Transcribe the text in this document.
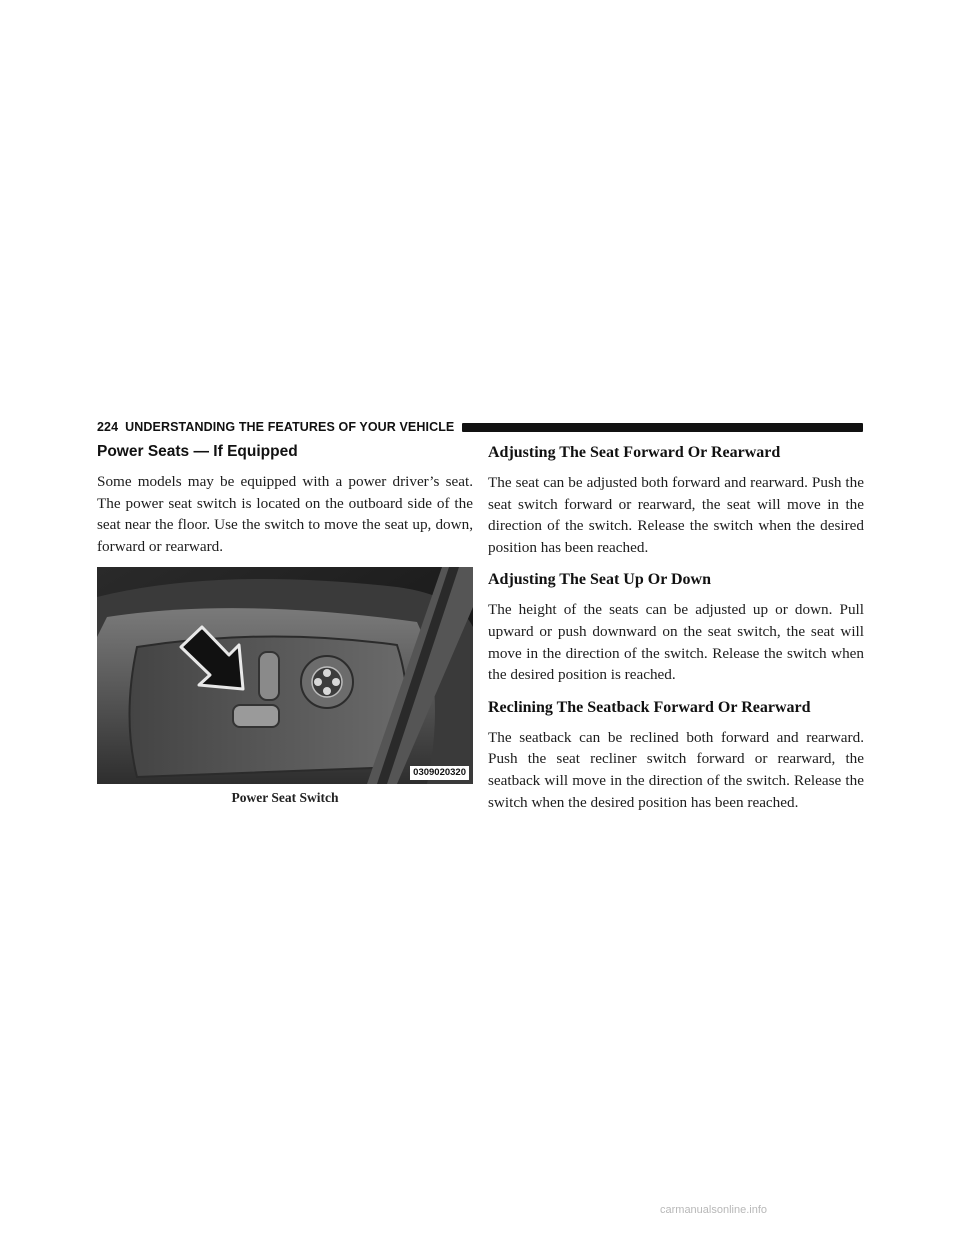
224 UNDERSTANDING THE FEATURES OF YOUR VEHICLE
Power Seats — If Equipped

Some models may be equipped with a power driver’s seat. The power seat switch is located on the outboard side of the seat near the floor. Use the switch to move the seat up, down, forward or rearward.

0309020320
Power Seat Switch
Adjusting The Seat Forward Or Rearward

The seat can be adjusted both forward and rearward. Push the seat switch forward or rearward, the seat will move in the direction of the switch. Release the switch when the desired position has been reached.

Adjusting The Seat Up Or Down

The height of the seats can be adjusted up or down. Pull upward or push downward on the seat switch, the seat will move in the direction of the switch. Release the switch when the desired position is reached.

Reclining The Seatback Forward Or Rearward

The seatback can be reclined both forward and rearward. Push the seat recliner switch forward or rearward, the seatback will move in the direction of the switch. Release the switch when the desired position has been reached.

carmanualsonline.info
